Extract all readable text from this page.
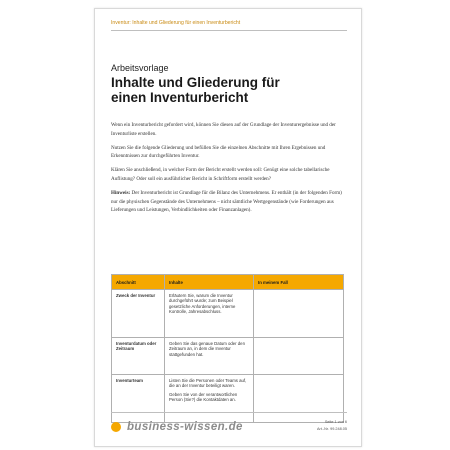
Inventur: Inhalte und Gliederung für einen Inventurbericht
Arbeitsvorlage
Inhalte und Gliederung für
einen Inventurbericht

Wenn ein Inventurbericht gefordert wird, können Sie diesen auf der Grundlage der Inventurergebnisse und der Inventurliste erstellen.

Nutzen Sie die folgende Gliederung und befüllen Sie die einzelnen Abschnitte mit Ihren Ergebnissen und Erkenntnissen zur durchgeführten Inventur.

Klären Sie anschließend, in welcher Form der Bericht erstellt werden soll: Genügt eine solche tabellarische Auflistung? Oder soll ein ausführlicher Bericht in Schriftform erstellt werden?

Hinweis: Der Inventurbericht ist Grundlage für die Bilanz des Unternehmens. Er enthält (in der folgenden Form) nur die physischen Gegenstände des Unternehmens – nicht sämtliche Wertgegenstände (wie Forderungen aus Lieferungen und Leistungen, Verbindlichkeiten oder Finanzanlagen).

Abschnitt	Inhalte	In meinem Fall
Zweck der Inventur	Erläutern Sie, warum die Inventur durchgeführt wurde; zum Beispiel gesetzliche Anforderungen, interne Kontrolle, Jahresabschluss.	

Inventurdatum oder Zeitraum	Geben Sie das genaue Datum oder den Zeitraum an, in dem die Inventur stattgefunden hat.	

Inventurteam	Listen Sie die Personen oder Teams auf, die an der Inventur beteiligt waren.
Geben Sie von der verantwortlichen Person (Sie?) die Kontaktdaten an.	

business-wissen.de	Seite 1 von 6
Art.-Nr. 99.248.05
